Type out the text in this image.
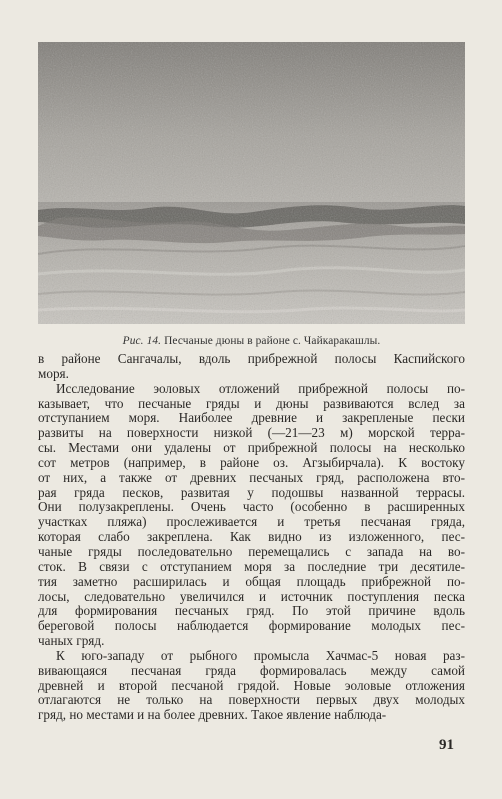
Рис. 14. Песчаные дюны в районе с. Чайкаракашлы.

в районе Сангачалы, вдоль прибрежной полосы Каспийского
моря.

Исследование эоловых отложений прибрежной полосы по-
казывает, что песчаные гряды и дюны развиваются вслед за
отступанием моря. Наиболее древние и закрепленые пески
развиты на поверхности низкой (—21—23 м) морской терра-
сы. Местами они удалены от прибрежной полосы на несколько
сот метров (например, в районе оз. Агзыбирчала). К востоку
от них, а также от древних песчаных гряд, расположена вто-
рая гряда песков, развитая у подошвы названной террасы.
Они полузакреплены. Очень часто (особенно в расширенных
участках пляжа) прослеживается и третья песчаная гряда,
которая слабо закреплена. Как видно из изложенного, пес-
чаные гряды последовательно перемещались с запада на во-
сток. В связи с отступанием моря за последние три десятиле-
тия заметно расширилась и общая площадь прибрежной по-
лосы, следовательно увеличился и источник поступления песка
для формирования песчаных гряд. По этой причине вдоль
береговой полосы наблюдается формирование молодых пес-
чаных гряд.

К юго-западу от рыбного промысла Хачмас-5 новая раз-
вивающаяся песчаная гряда формировалась между самой
древней и второй песчаной грядой. Новые эоловые отложения
отлагаются не только на поверхности первых двух молодых
гряд, но местами и на более древних. Такое явление наблюда-

91
